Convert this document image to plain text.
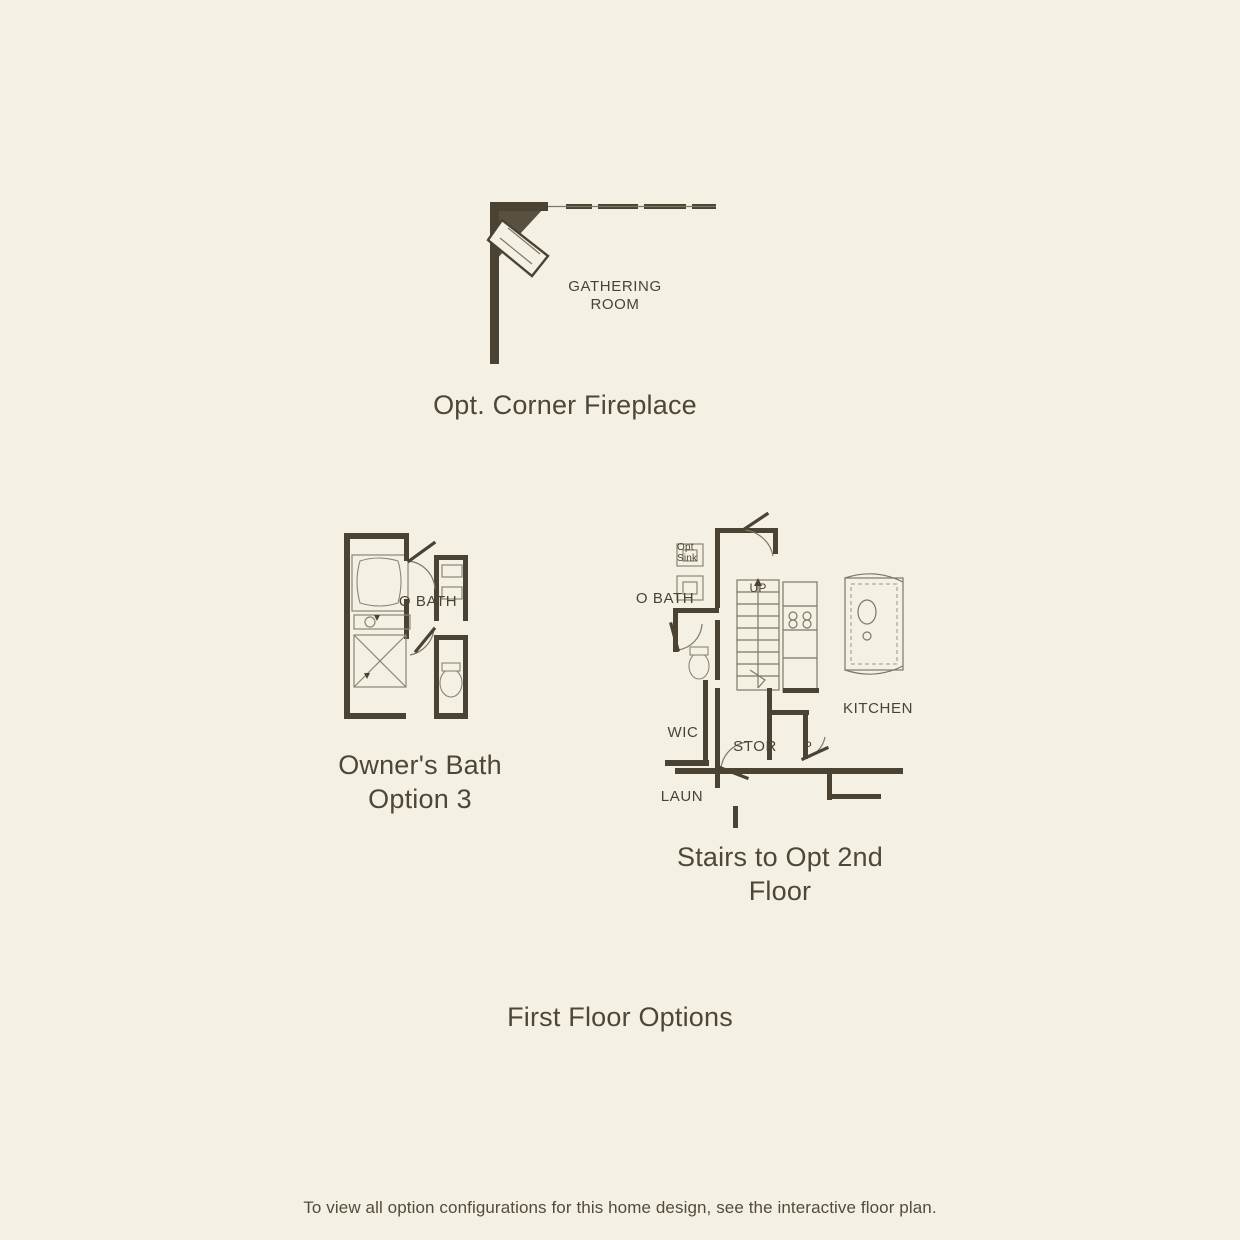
GATHERING
ROOM
Opt. Corner Fireplace
O BATH
Owner's Bath
Option 3
Opt
Sink
O BATH
UP
KITCHEN
WIC
STOR	P
LAUN
Stairs to Opt 2nd
Floor
First Floor Options
To view all option configurations for this home design, see the interactive floor plan.
